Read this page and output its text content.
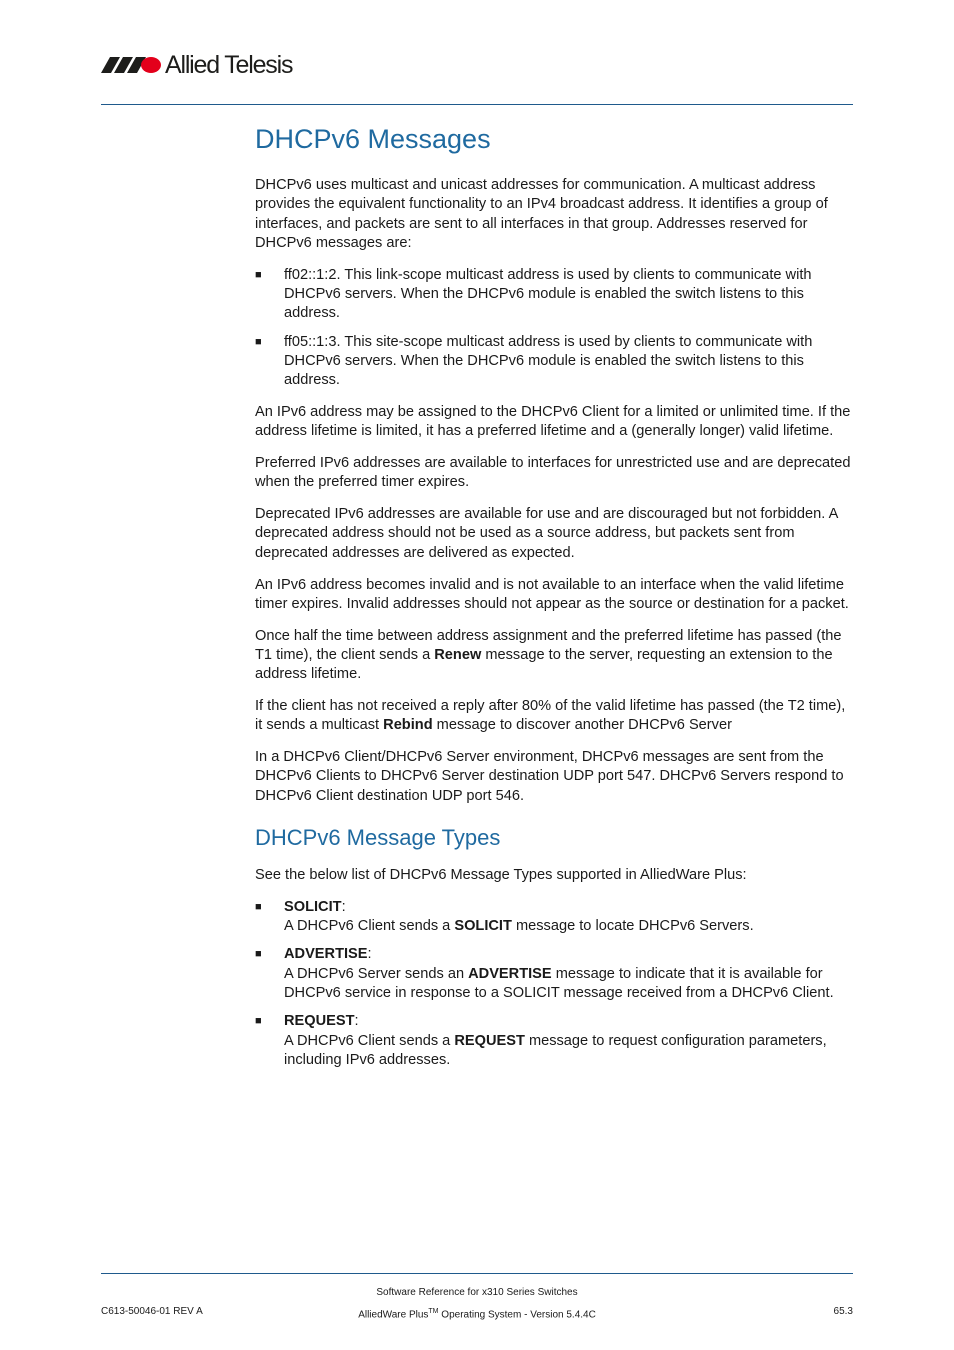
Allied Telesis
DHCPv6 Messages

DHCPv6 uses multicast and unicast addresses for communication. A multicast address provides the equivalent functionality to an IPv4 broadcast address. It identifies a group of interfaces, and packets are sent to all interfaces in that group. Addresses reserved for DHCPv6 messages are:

■ ff02::1:2. This link-scope multicast address is used by clients to communicate with DHCPv6 servers. When the DHCPv6 module is enabled the switch listens to this address.
■ ff05::1:3. This site-scope multicast address is used by clients to communicate with DHCPv6 servers. When the DHCPv6 module is enabled the switch listens to this address.

An IPv6 address may be assigned to the DHCPv6 Client for a limited or unlimited time. If the address lifetime is limited, it has a preferred lifetime and a (generally longer) valid lifetime.

Preferred IPv6 addresses are available to interfaces for unrestricted use and are deprecated when the preferred timer expires.

Deprecated IPv6 addresses are available for use and are discouraged but not forbidden. A deprecated address should not be used as a source address, but packets sent from deprecated addresses are delivered as expected.

An IPv6 address becomes invalid and is not available to an interface when the valid lifetime timer expires. Invalid addresses should not appear as the source or destination for a packet.

Once half the time between address assignment and the preferred lifetime has passed (the T1 time), the client sends a Renew message to the server, requesting an extension to the address lifetime.

If the client has not received a reply after 80% of the valid lifetime has passed (the T2 time), it sends a multicast Rebind message to discover another DHCPv6 Server

In a DHCPv6 Client/DHCPv6 Server environment, DHCPv6 messages are sent from the DHCPv6 Clients to DHCPv6 Server destination UDP port 547. DHCPv6 Servers respond to DHCPv6 Client destination UDP port 546.

DHCPv6 Message Types

See the below list of DHCPv6 Message Types supported in AlliedWare Plus:

■ SOLICIT:
A DHCPv6 Client sends a SOLICIT message to locate DHCPv6 Servers.
■ ADVERTISE:
A DHCPv6 Server sends an ADVERTISE message to indicate that it is available for DHCPv6 service in response to a SOLICIT message received from a DHCPv6 Client.
■ REQUEST:
A DHCPv6 Client sends a REQUEST message to request configuration parameters, including IPv6 addresses.
Software Reference for x310 Series Switches
AlliedWare Plus™ Operating System - Version 5.4.4C
C613-50046-01 REV A	65.3
